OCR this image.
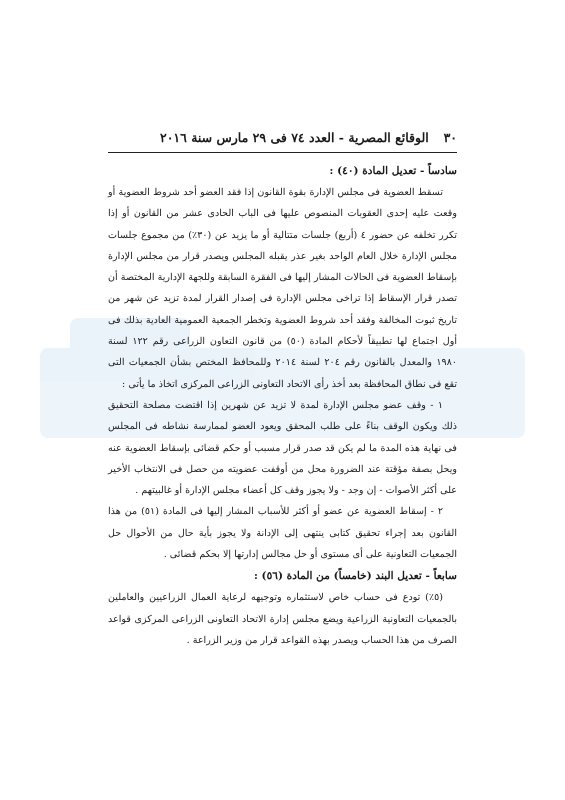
٣٠
الوقائع المصرية - العدد ٧٤ فى ٢٩ مارس سنة ٢٠١٦
سادساً - تعديل المادة (٤٠) :

تسقط العضوية فى مجلس الإدارة بقوة القانون إذا فقد العضو أحد شروط العضوية أو وقعت عليه إحدى العقوبات المنصوص عليها فى الباب الحادى عشر من القانون أو إذا تكرر تخلفه عن حضور ٤ (أربع) جلسات متتالية أو ما يزيد عن (٣٠٪) من مجموع جلسات مجلس الإدارة خلال العام الواحد بغير عذر يقبله المجلس ويصدر قرار من مجلس الإدارة بإسقاط العضوية فى الحالات المشار إليها فى الفقرة السابقة وللجهة الإدارية المختصة أن تصدر قرار الإسقاط إذا تراخى مجلس الإدارة فى إصدار القرار لمدة تزيد عن شهر من تاريخ ثبوت المخالفة وفقد أحد شروط العضوية وتخطر الجمعية العمومية العادية بذلك فى أول اجتماع لها تطبيقاً لأحكام المادة (٥٠) من قانون التعاون الزراعى رقم ١٢٢ لسنة ١٩٨٠ والمعدل بالقانون رقم ٢٠٤ لسنة ٢٠١٤ وللمحافظ المختص بشأن الجمعيات التى تقع فى نطاق المحافظة بعد أخذ رأى الاتحاد التعاونى الزراعى المركزى اتخاذ ما يأتى :

١ - وقف عضو مجلس الإدارة لمدة لا تزيد عن شهرين إذا اقتضت مصلحة التحقيق ذلك ويكون الوقف بناءً على طلب المحقق ويعود العضو لممارسة نشاطه فى المجلس فى نهاية هذه المدة ما لم يكن قد صدر قرار مسبب أو حكم قضائى بإسقاط العضوية عنه ويحل بصفة مؤقتة عند الضرورة محل من أوقفت عضويته من حصل فى الانتخاب الأخير على أكثر الأصوات - إن وجد - ولا يجوز وقف كل أعضاء مجلس الإدارة أو غالبيتهم .

٢ - إسقاط العضوية عن عضو أو أكثر للأسباب المشار إليها فى المادة (٥١) من هذا القانون بعد إجراء تحقيق كتابى ينتهى إلى الإدانة ولا يجوز بأية حال من الأحوال حل الجمعيات التعاونية على أى مستوى أو حل مجالس إدارتها إلا بحكم قضائى .

سابعاً - تعديل البند (خامساً) من المادة (٥٦) :

(٥٪) تودع فى حساب خاص لاستثماره وتوجيهه لرعاية العمال الزراعيين والعاملين بالجمعيات التعاونية الزراعية ويضع مجلس إدارة الاتحاد التعاونى الزراعى المركزى قواعد الصرف من هذا الحساب ويصدر بهذه القواعد قرار من وزير الزراعة .
